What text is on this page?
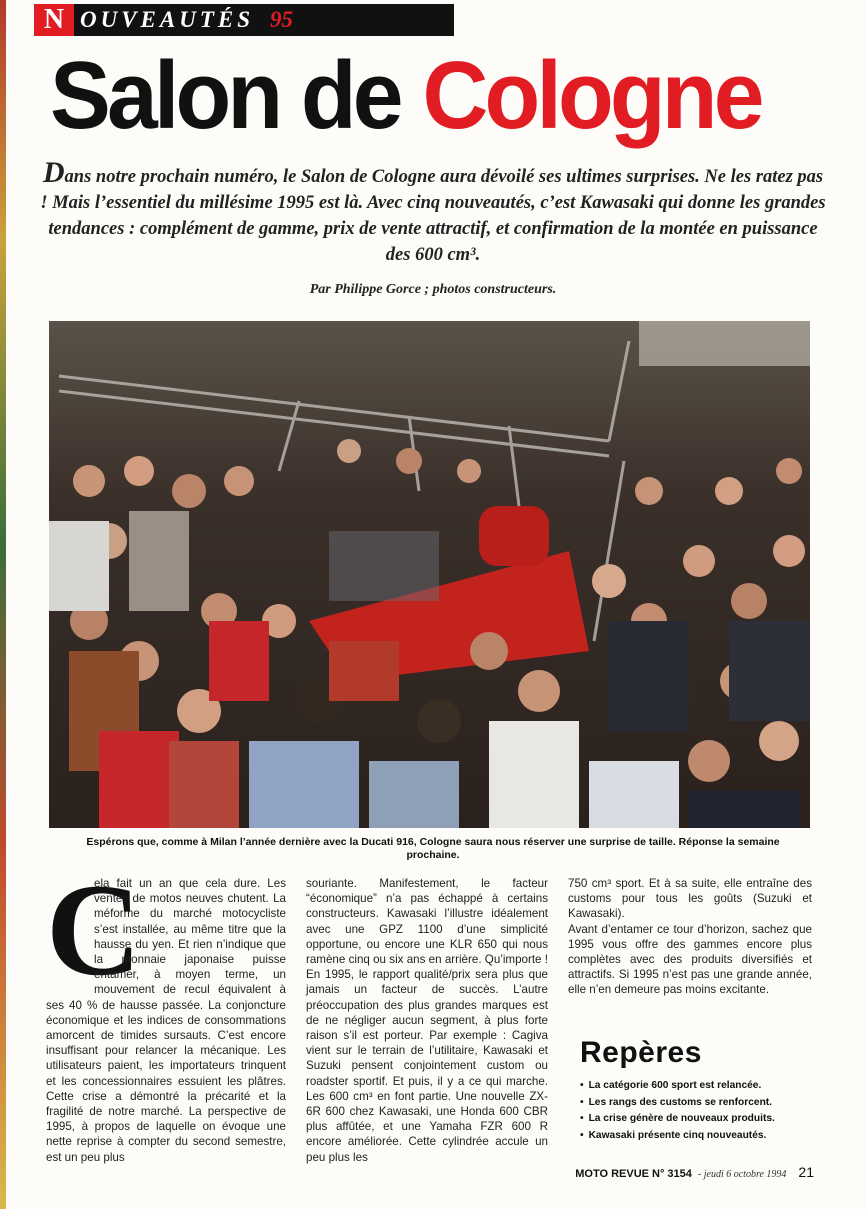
N OUVEAUTÉS 95
Salon de Cologne
Dans notre prochain numéro, le Salon de Cologne aura dévoilé ses ultimes surprises. Ne les ratez pas ! Mais l’essentiel du millésime 1995 est là. Avec cinq nouveautés, c’est Kawasaki qui donne les grandes tendances : complément de gamme, prix de vente attractif, et confirmation de la montée en puissance des 600 cm³.
Par Philippe Gorce ; photos constructeurs.
Espérons que, comme à Milan l’année dernière avec la Ducati 916, Cologne saura nous réserver une surprise de taille. Réponse la semaine prochaine.
C

ela fait un an que cela dure. Les ventes de motos neuves chutent. La méforme du marché motocycliste s’est installée, au même titre que la hausse du yen. Et rien n’indique que la monnaie japonaise puisse entamer, à moyen terme, un mouvement de recul équivalent à ses 40 % de hausse passée. La conjoncture économique et les indices de consommations amorcent de timides sursauts. C’est encore insuffisant pour relancer la mécanique. Les utilisateurs paient, les importateurs trinquent et les concessionnaires essuient les plâtres. Cette crise a démontré la précarité et la fragilité de notre marché. La perspective de 1995, à propos de laquelle on évoque une nette reprise à compter du second semestre, est un peu plus

souriante. Manifestement, le facteur “économique” n’a pas échappé à certains constructeurs. Kawasaki l’illustre idéalement avec une GPZ 1100 d’une simplicité opportune, ou encore une KLR 650 qui nous ramène cinq ou six ans en arrière. Qu’importe ! En 1995, le rapport qualité/prix sera plus que jamais un facteur de succès. L’autre préoccupation des plus grandes marques est de ne négliger aucun segment, à plus forte raison s’il est porteur. Par exemple : Cagiva vient sur le terrain de l’utilitaire, Kawasaki et Suzuki pensent conjointement custom ou roadster sportif. Et puis, il y a ce qui marche. Les 600 cm³ en font partie. Une nouvelle ZX-6R 600 chez Kawasaki, une Honda 600 CBR plus affûtée, et une Yamaha FZR 600 R encore améliorée. Cette cylindrée accule un peu plus les

750 cm³ sport. Et à sa suite, elle entraîne des customs pour tous les goûts (Suzuki et Kawasaki).

Avant d’entamer ce tour d’horizon, sachez que 1995 vous offre des gammes encore plus complètes avec des produits diversifiés et attractifs. Si 1995 n’est pas une grande année, elle n’en demeure pas moins excitante.

Repères
• La catégorie 600 sport est relancée.
• Les rangs des customs se renforcent.
• La crise génère de nouveaux produits.
• Kawasaki présente cinq nouveautés.
MOTO REVUE N° 3154 - jeudi 6 octobre 1994 21
